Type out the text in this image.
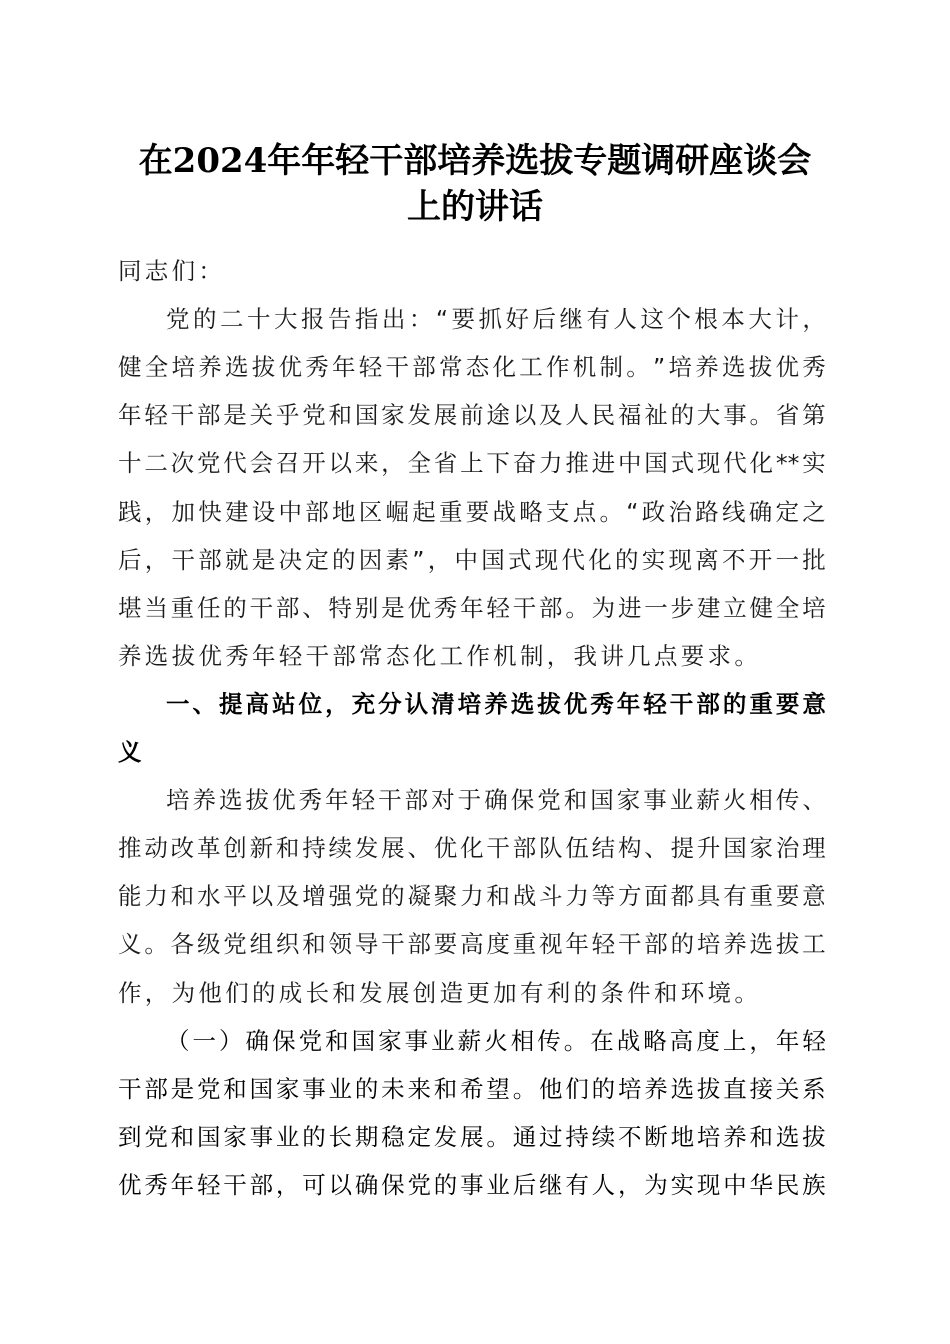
在2024年年轻干部培养选拔专题调研座谈会
上的讲话
同 志 们 ：
党 的 二 十 大 报 告 指 出 ： “ 要 抓 好 后 继 有 人 这 个 根 本 大 计 ，
健 全 培 养 选 拔 优 秀 年 轻 干 部 常 态 化 工 作 机 制 。 ” 培 养 选 拔 优 秀
年 轻 干 部 是 关 乎 党 和 国 家 发 展 前 途 以 及 人 民 福 祉 的 大 事 。 省 第
十 二 次 党 代 会 召 开 以 来 ， 全 省 上 下 奋 力 推 进 中 国 式 现 代 化 ** 实
践 ， 加 快 建 设 中 部 地 区 崛 起 重 要 战 略 支 点 。 “ 政 治 路 线 确 定 之
后 ， 干 部 就 是 决 定 的 因 素 ” ， 中 国 式 现 代 化 的 实 现 离 不 开 一 批
堪 当 重 任 的 干 部 、 特 别 是 优 秀 年 轻 干 部 。 为 进 一 步 建 立 健 全 培
养 选 拔 优 秀 年 轻 干 部 常 态 化 工 作 机 制 ， 我 讲 几 点 要 求 。
一 、 提 高 站 位 ， 充 分 认 清 培 养 选 拔 优 秀 年 轻 干 部 的 重 要 意
义
培 养 选 拔 优 秀 年 轻 干 部 对 于 确 保 党 和 国 家 事 业 薪 火 相 传 、
推 动 改 革 创 新 和 持 续 发 展 、 优 化 干 部 队 伍 结 构 、 提 升 国 家 治 理
能 力 和 水 平 以 及 增 强 党 的 凝 聚 力 和 战 斗 力 等 方 面 都 具 有 重 要 意
义 。 各 级 党 组 织 和 领 导 干 部 要 高 度 重 视 年 轻 干 部 的 培 养 选 拔 工
作 ， 为 他 们 的 成 长 和 发 展 创 造 更 加 有 利 的 条 件 和 环 境 。
（ 一 ） 确 保 党 和 国 家 事 业 薪 火 相 传 。 在 战 略 高 度 上 ， 年 轻
干 部 是 党 和 国 家 事 业 的 未 来 和 希 望 。 他 们 的 培 养 选 拔 直 接 关 系
到 党 和 国 家 事 业 的 长 期 稳 定 发 展 。 通 过 持 续 不 断 地 培 养 和 选 拔
优 秀 年 轻 干 部 ， 可 以 确 保 党 的 事 业 后 继 有 人 ， 为 实 现 中 华 民 族
